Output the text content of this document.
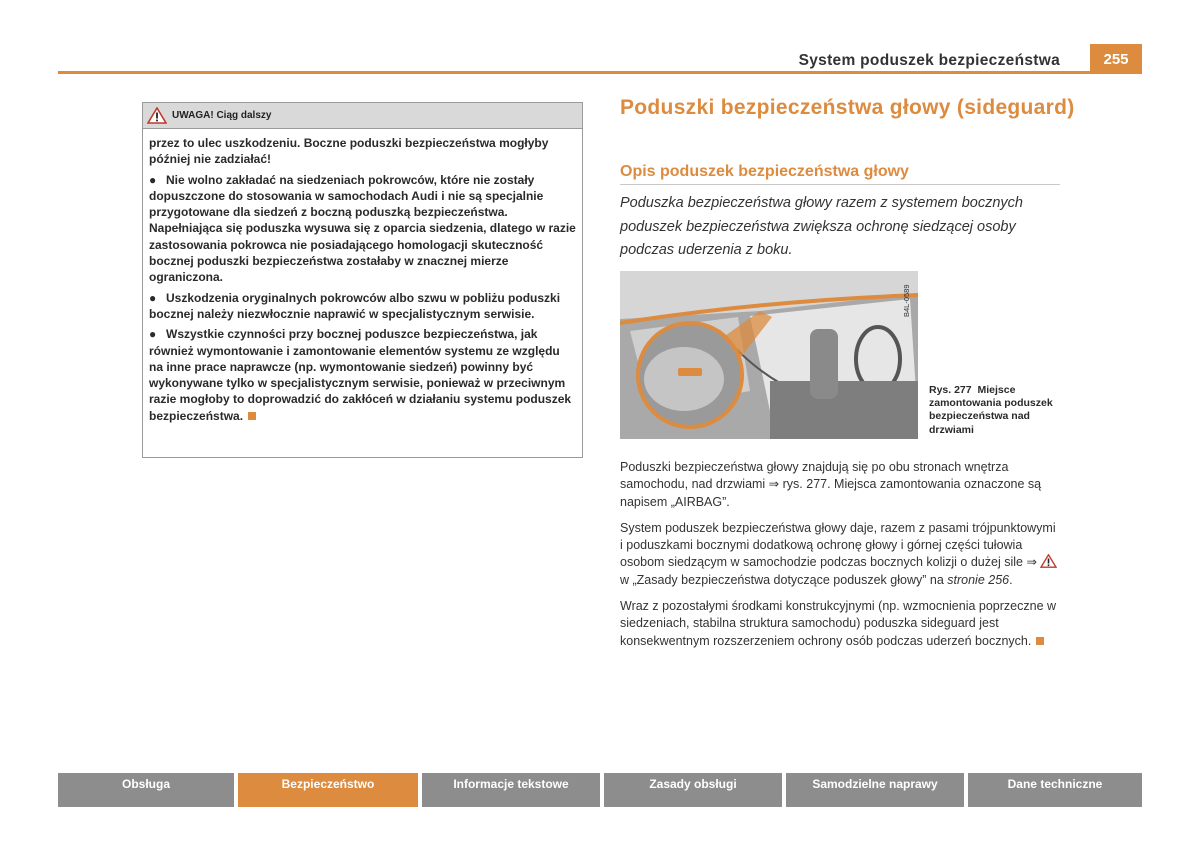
System poduszek bezpieczeństwa	255
UWAGA! Ciąg dalszy

przez to ulec uszkodzeniu. Boczne poduszki bezpieczeństwa mogłyby później nie zadziałać!

● Nie wolno zakładać na siedzeniach pokrowców, które nie zostały dopuszczone do stosowania w samochodach Audi i nie są specjalnie przygotowane dla siedzeń z boczną poduszką bezpieczeństwa. Napełniająca się poduszka wysuwa się z oparcia siedzenia, dlatego w razie zastosowania pokrowca nie posiadającego homologacji skuteczność bocznej poduszki bezpieczeństwa zostałaby w znacznej mierze ograniczona.

● Uszkodzenia oryginalnych pokrowców albo szwu w pobliżu poduszki bocznej należy niezwłocznie naprawić w specjalistycznym serwisie.

● Wszystkie czynności przy bocznej poduszce bezpieczeństwa, jak również wymontowanie i zamontowanie elementów systemu ze względu na inne prace naprawcze (np. wymontowanie siedzeń) powinny być wykonywane tylko w specjalistycznym serwisie, ponieważ w przeciwnym razie mogłoby to doprowadzić do zakłóceń w działaniu systemu poduszek bezpieczeństwa.

Poduszki bezpieczeństwa głowy (sideguard)
Opis poduszek bezpieczeństwa głowy
Poduszka bezpieczeństwa głowy razem z systemem bocznych poduszek bezpieczeństwa zwiększa ochronę siedzącej osoby podczas uderzenia z boku.
B4L-0589
Rys. 277 Miejsce zamontowania poduszek bezpieczeństwa nad drzwiami

Poduszki bezpieczeństwa głowy znajdują się po obu stronach wnętrza samochodu, nad drzwiami ⇒ rys. 277. Miejsca zamontowania oznaczone są napisem „AIRBAG”.

System poduszek bezpieczeństwa głowy daje, razem z pasami trójpunktowymi i poduszkami bocznymi dodatkową ochronę głowy i górnej części tułowia osobom siedzącym w samochodzie podczas bocznych kolizji o dużej sile ⇒  w „Zasady bezpieczeństwa dotyczące poduszek głowy” na stronie 256.

Wraz z pozostałymi środkami konstrukcyjnymi (np. wzmocnienia poprzeczne w siedzeniach, stabilna struktura samochodu) poduszka sideguard jest konsekwentnym rozszerzeniem ochrony osób podczas uderzeń bocznych.

Obsługa	Bezpieczeństwo	Informacje tekstowe	Zasady obsługi	Samodzielne naprawy	Dane techniczne
